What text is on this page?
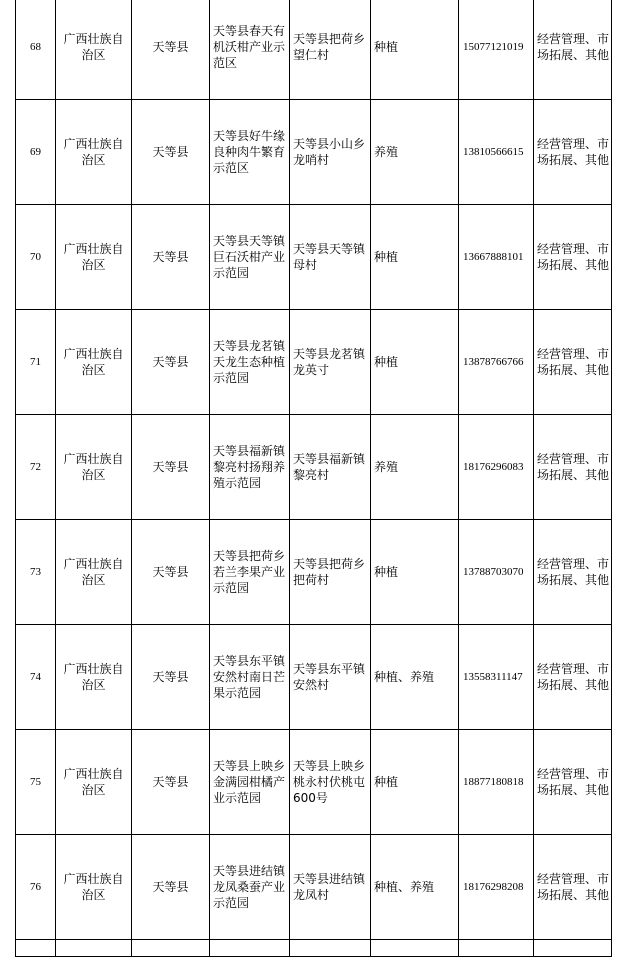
68	广西壮族自治区	天等县	天等县春天有机沃柑产业示范区	天等县把荷乡望仁村	种植	15077121019	经营管理、市场拓展、其他
69	广西壮族自治区	天等县	天等县好牛缘良种肉牛繁育示范区	天等县小山乡龙哨村	养殖	13810566615	经营管理、市场拓展、其他
70	广西壮族自治区	天等县	天等县天等镇巨石沃柑产业示范园	天等县天等镇母村	种植	13667888101	经营管理、市场拓展、其他
71	广西壮族自治区	天等县	天等县龙茗镇天龙生态种植示范园	天等县龙茗镇龙英寸	种植	13878766766	经营管理、市场拓展、其他
72	广西壮族自治区	天等县	天等县福新镇黎亮村扬翔养殖示范园	天等县福新镇黎亮村	养殖	18176296083	经营管理、市场拓展、其他
73	广西壮族自治区	天等县	天等县把荷乡若兰李果产业示范园	天等县把荷乡把荷村	种植	13788703070	经营管理、市场拓展、其他
74	广西壮族自治区	天等县	天等县东平镇安然村南日芒果示范园	天等县东平镇安然村	种植、养殖	13558311147	经营管理、市场拓展、其他
75	广西壮族自治区	天等县	天等县上映乡金满园柑橘产业示范园	天等县上映乡桃永村伏桃屯600号	种植	18877180818	经营管理、市场拓展、其他
76	广西壮族自治区	天等县	天等县进结镇龙凤桑蚕产业示范园	天等县进结镇龙凤村	种植、养殖	18176298208	经营管理、市场拓展、其他
